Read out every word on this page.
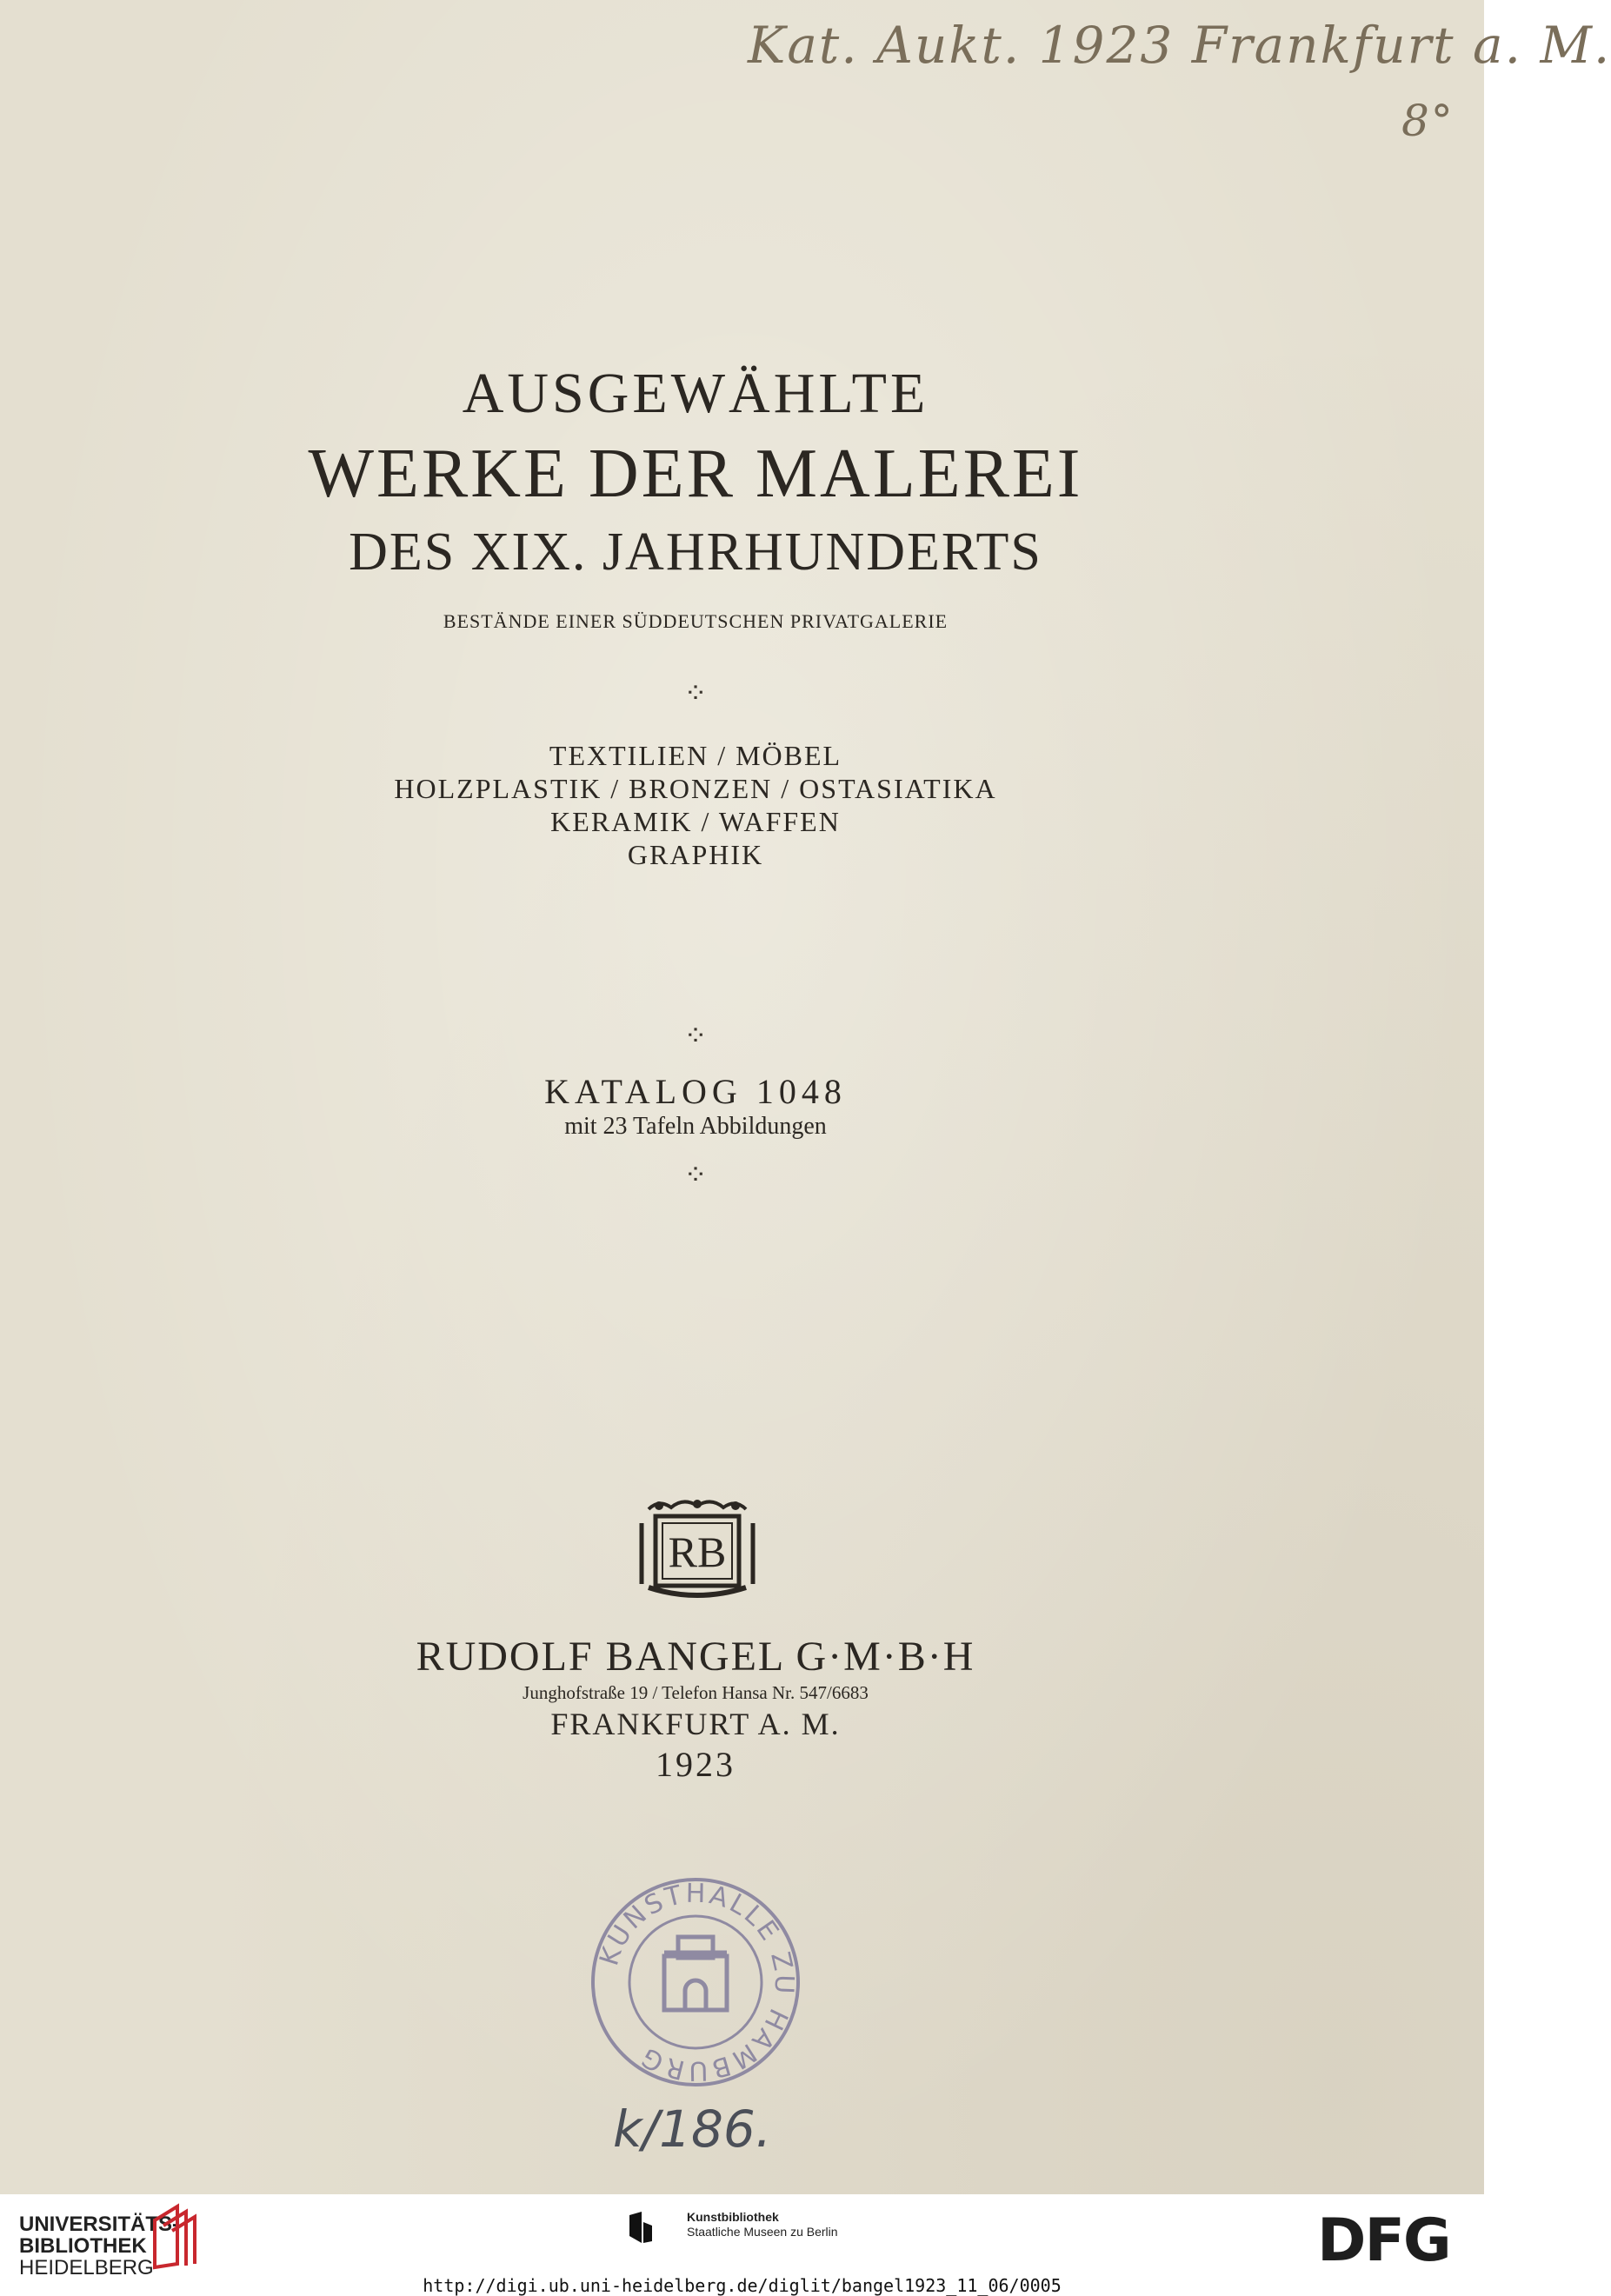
Kat. Aukt. 1923 Frankfurt a. M.
8°
AUSGEWÄHLTE
WERKE DER MALEREI
DES XIX. JAHRHUNDERTS
BESTÄNDE EINER SÜDDEUTSCHEN PRIVATGALERIE
⁘
TEXTILIEN / MÖBEL
HOLZPLASTIK / BRONZEN / OSTASIATIKA
KERAMIK / WAFFEN
GRAPHIK
⁘
KATALOG 1048
mit 23 Tafeln Abbildungen
⁘
RB
RUDOLF BANGEL G·M·B·H
Junghofstraße 19 / Telefon Hansa Nr. 547/6683
FRANKFURT A. M.
1923
KUNSTHALLE ZU HAMBURG
k/186.
UNIVERSITÄTS-
BIBLIOTHEK
HEIDELBERG
Kunstbibliothek
Staatliche Museen zu Berlin	DFG
http://digi.ub.uni-heidelberg.de/diglit/bangel1923_11_06/0005
